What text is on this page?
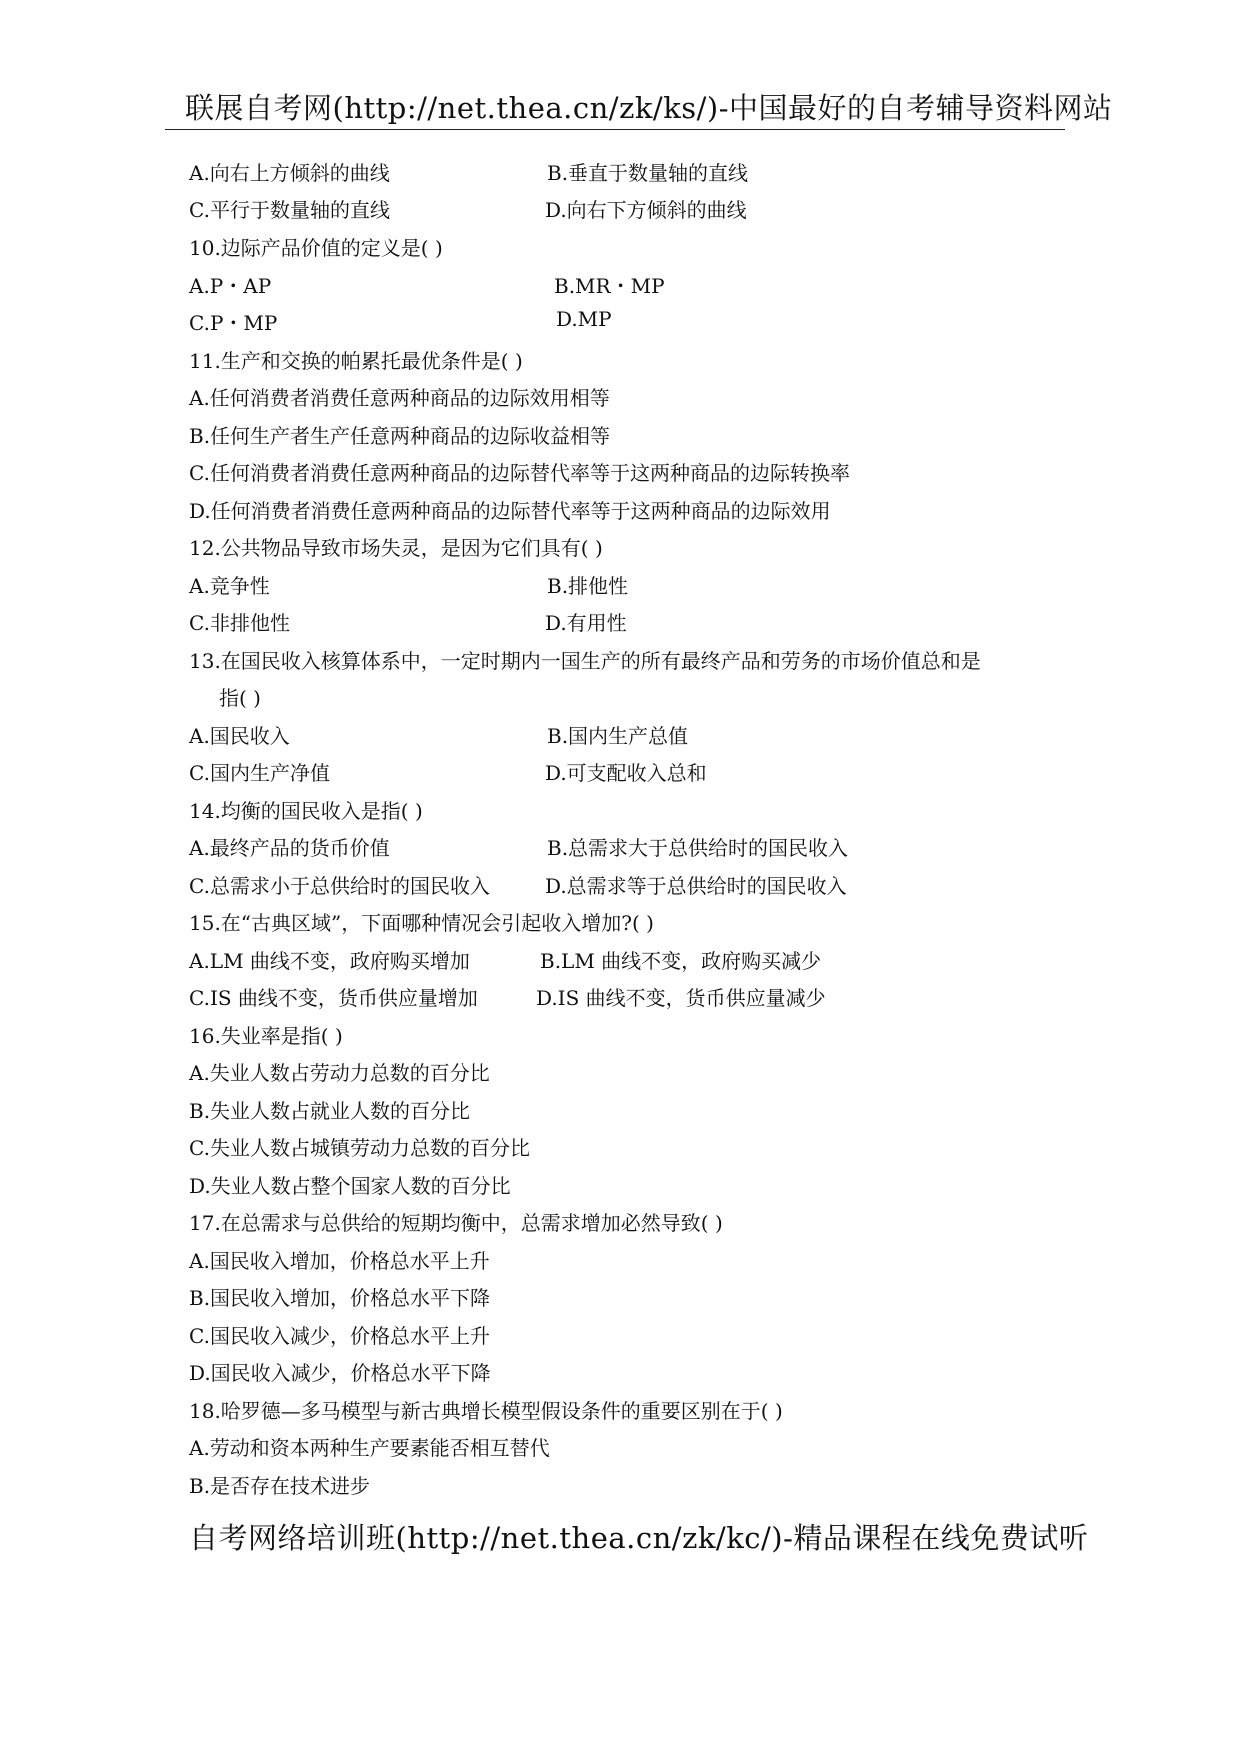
联展自考网(http://net.thea.cn/zk/ks/)-中国最好的自考辅导资料网站
A.向右上方倾斜的曲线	B.垂直于数量轴的直线
C.平行于数量轴的直线	D.向右下方倾斜的曲线
10.边际产品价值的定义是( )
A.P・AP	B.MR・MP
C.P・MP	D.MP
11.生产和交换的帕累托最优条件是( )
A.任何消费者消费任意两种商品的边际效用相等
B.任何生产者生产任意两种商品的边际收益相等
C.任何消费者消费任意两种商品的边际替代率等于这两种商品的边际转换率
D.任何消费者消费任意两种商品的边际替代率等于这两种商品的边际效用
12.公共物品导致市场失灵，是因为它们具有( )
A.竞争性	B.排他性
C.非排他性	D.有用性
13.在国民收入核算体系中，一定时期内一国生产的所有最终产品和劳务的市场价值总和是
指( )
A.国民收入	B.国内生产总值
C.国内生产净值	D.可支配收入总和
14.均衡的国民收入是指( )
A.最终产品的货币价值	B.总需求大于总供给时的国民收入
C.总需求小于总供给时的国民收入	D.总需求等于总供给时的国民收入
15.在“古典区域”，下面哪种情况会引起收入增加?( )
A.LM 曲线不变，政府购买增加	B.LM 曲线不变，政府购买减少
C.IS 曲线不变，货币供应量增加	D.IS 曲线不变，货币供应量减少
16.失业率是指( )
A.失业人数占劳动力总数的百分比
B.失业人数占就业人数的百分比
C.失业人数占城镇劳动力总数的百分比
D.失业人数占整个国家人数的百分比
17.在总需求与总供给的短期均衡中，总需求增加必然导致( )
A.国民收入增加，价格总水平上升
B.国民收入增加，价格总水平下降
C.国民收入减少，价格总水平上升
D.国民收入减少，价格总水平下降
18.哈罗德—多马模型与新古典增长模型假设条件的重要区别在于( )
A.劳动和资本两种生产要素能否相互替代
B.是否存在技术进步
自考网络培训班(http://net.thea.cn/zk/kc/)-精品课程在线免费试听
